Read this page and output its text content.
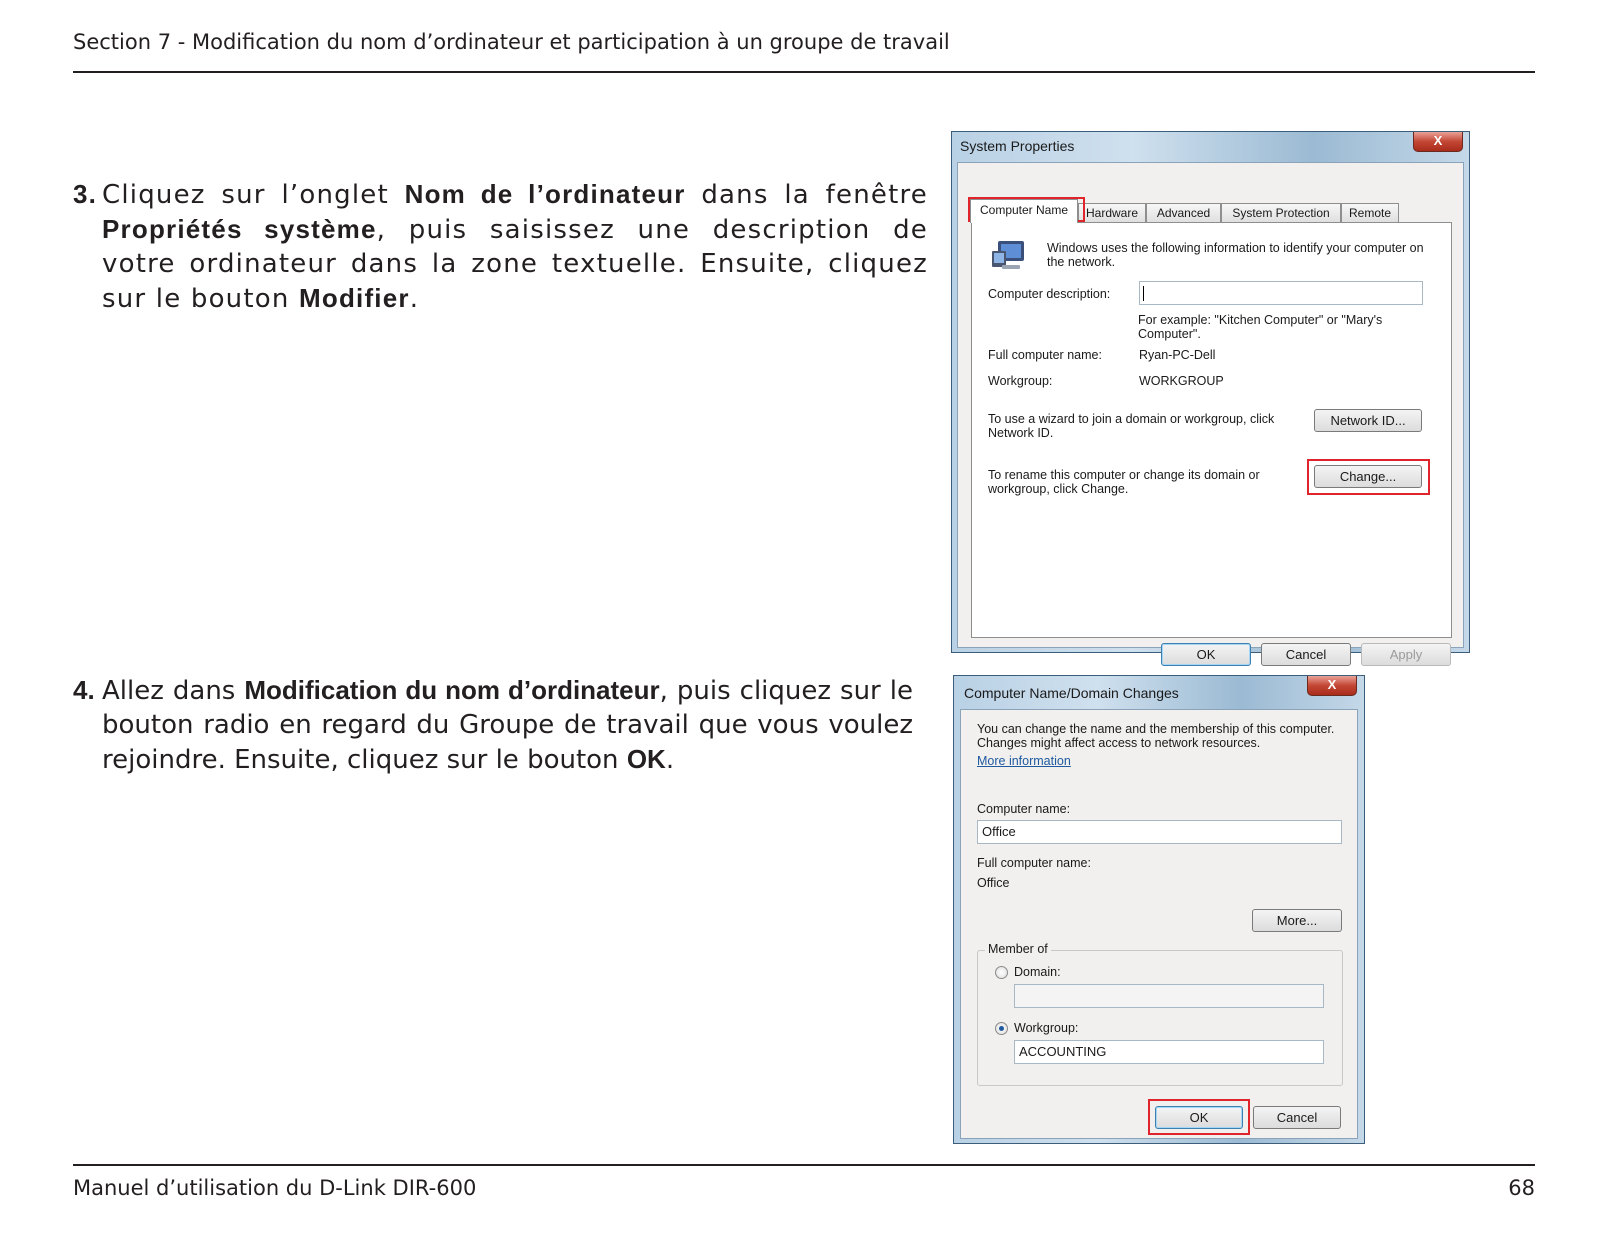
Section 7 - Modification du nom d’ordinateur et participation à un groupe de travail
3. Cliquez sur l’onglet Nom de l’ordinateur dans la fenêtre Propriétés système, puis saisissez une description de votre ordinateur dans la zone textuelle. Ensuite, cliquez sur le bouton Modifier.
4. Allez dans Modification du nom d’ordinateur, puis cliquez sur le bouton radio en regard du Groupe de travail que vous voulez rejoindre. Ensuite, cliquez sur le bouton OK.
System Properties	X
Computer Name	Hardware	Advanced	System Protection	Remote
Windows uses the following information to identify your computer on the network.
Computer description:
For example: "Kitchen Computer" or "Mary's Computer".
Full computer name:	Ryan-PC-Dell
Workgroup:	WORKGROUP
To use a wizard to join a domain or workgroup, click Network ID.
Network ID...
To rename this computer or change its domain or workgroup, click Change.
Change...
OK	Cancel	Apply
Computer Name/Domain Changes
X
You can change the name and the membership of this computer. Changes might affect access to network resources.
More information
Computer name:
Office
Full computer name:
Office
More...
Member of
Domain:
Workgroup:
ACCOUNTING
OK	Cancel
Manuel d’utilisation du D-Link DIR-600	68
